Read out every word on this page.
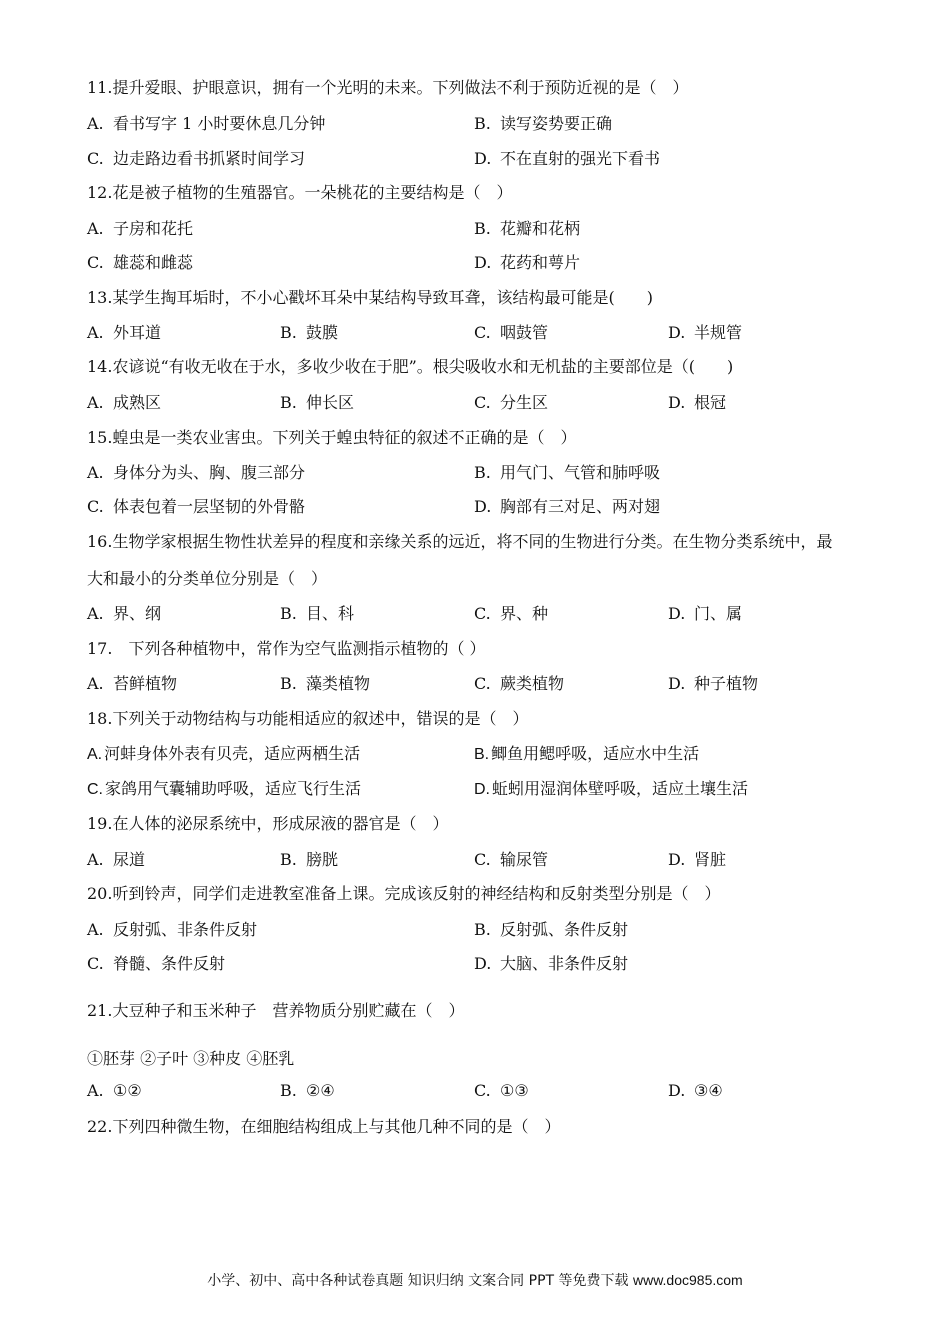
11.提升爱眼、护眼意识，拥有一个光明的未来。下列做法不利于预防近视的是（　）
A. 看书写字 1 小时要休息几分钟	B. 读写姿势要正确
C. 边走路边看书抓紧时间学习	D. 不在直射的强光下看书
12.花是被子植物的生殖器官。一朵桃花的主要结构是（　）
A. 子房和花托	B. 花瓣和花柄
C. 雄蕊和雌蕊	D. 花药和萼片
13.某学生掏耳垢时，不小心戳坏耳朵中某结构导致耳聋，该结构最可能是(　　)
A. 外耳道	B. 鼓膜	C. 咽鼓管	D. 半规管
14.农谚说“有收无收在于水，多收少收在于肥”。根尖吸收水和无机盐的主要部位是（(　　)
A. 成熟区	B. 伸长区	C. 分生区	D. 根冠
15.蝗虫是一类农业害虫。下列关于蝗虫特征的叙述不正确的是（　）
A. 身体分为头、胸、腹三部分	B. 用气门、气管和肺呼吸
C. 体表包着一层坚韧的外骨骼	D. 胸部有三对足、两对翅
16.生物学家根据生物性状差异的程度和亲缘关系的远近，将不同的生物进行分类。在生物分类系统中，最
大和最小的分类单位分别是（　）
A. 界、纲	B. 目、科	C. 界、种	D. 门、属
17.　下列各种植物中，常作为空气监测指示植物的（ ）
A. 苔鲜植物	B. 藻类植物	C. 蕨类植物	D. 种子植物
18.下列关于动物结构与功能相适应的叙述中，错误的是（　）
A. 河蚌身体外表有贝壳，适应两栖生活	B. 鲫鱼用鳃呼吸，适应水中生活
C. 家鸽用气囊辅助呼吸，适应飞行生活	D. 蚯蚓用湿润体壁呼吸，适应土壤生活
19.在人体的泌尿系统中，形成尿液的器官是（　）
A. 尿道	B. 膀胱	C. 输尿管	D. 肾脏
20.听到铃声，同学们走进教室准备上课。完成该反射的神经结构和反射类型分别是（　）
A. 反射弧、非条件反射	B. 反射弧、条件反射
C. 脊髓、条件反射	D. 大脑、非条件反射
21.大豆种子和玉米种子　营养物质分别贮藏在（　）
①胚芽 ②子叶 ③种皮 ④胚乳
A. ①②	B. ②④	C. ①③	D. ③④
22.下列四种微生物，在细胞结构组成上与其他几种不同的是（　）
小学、初中、高中各种试卷真题 知识归纳 文案合同 PPT 等免费下载 www.doc985.com
